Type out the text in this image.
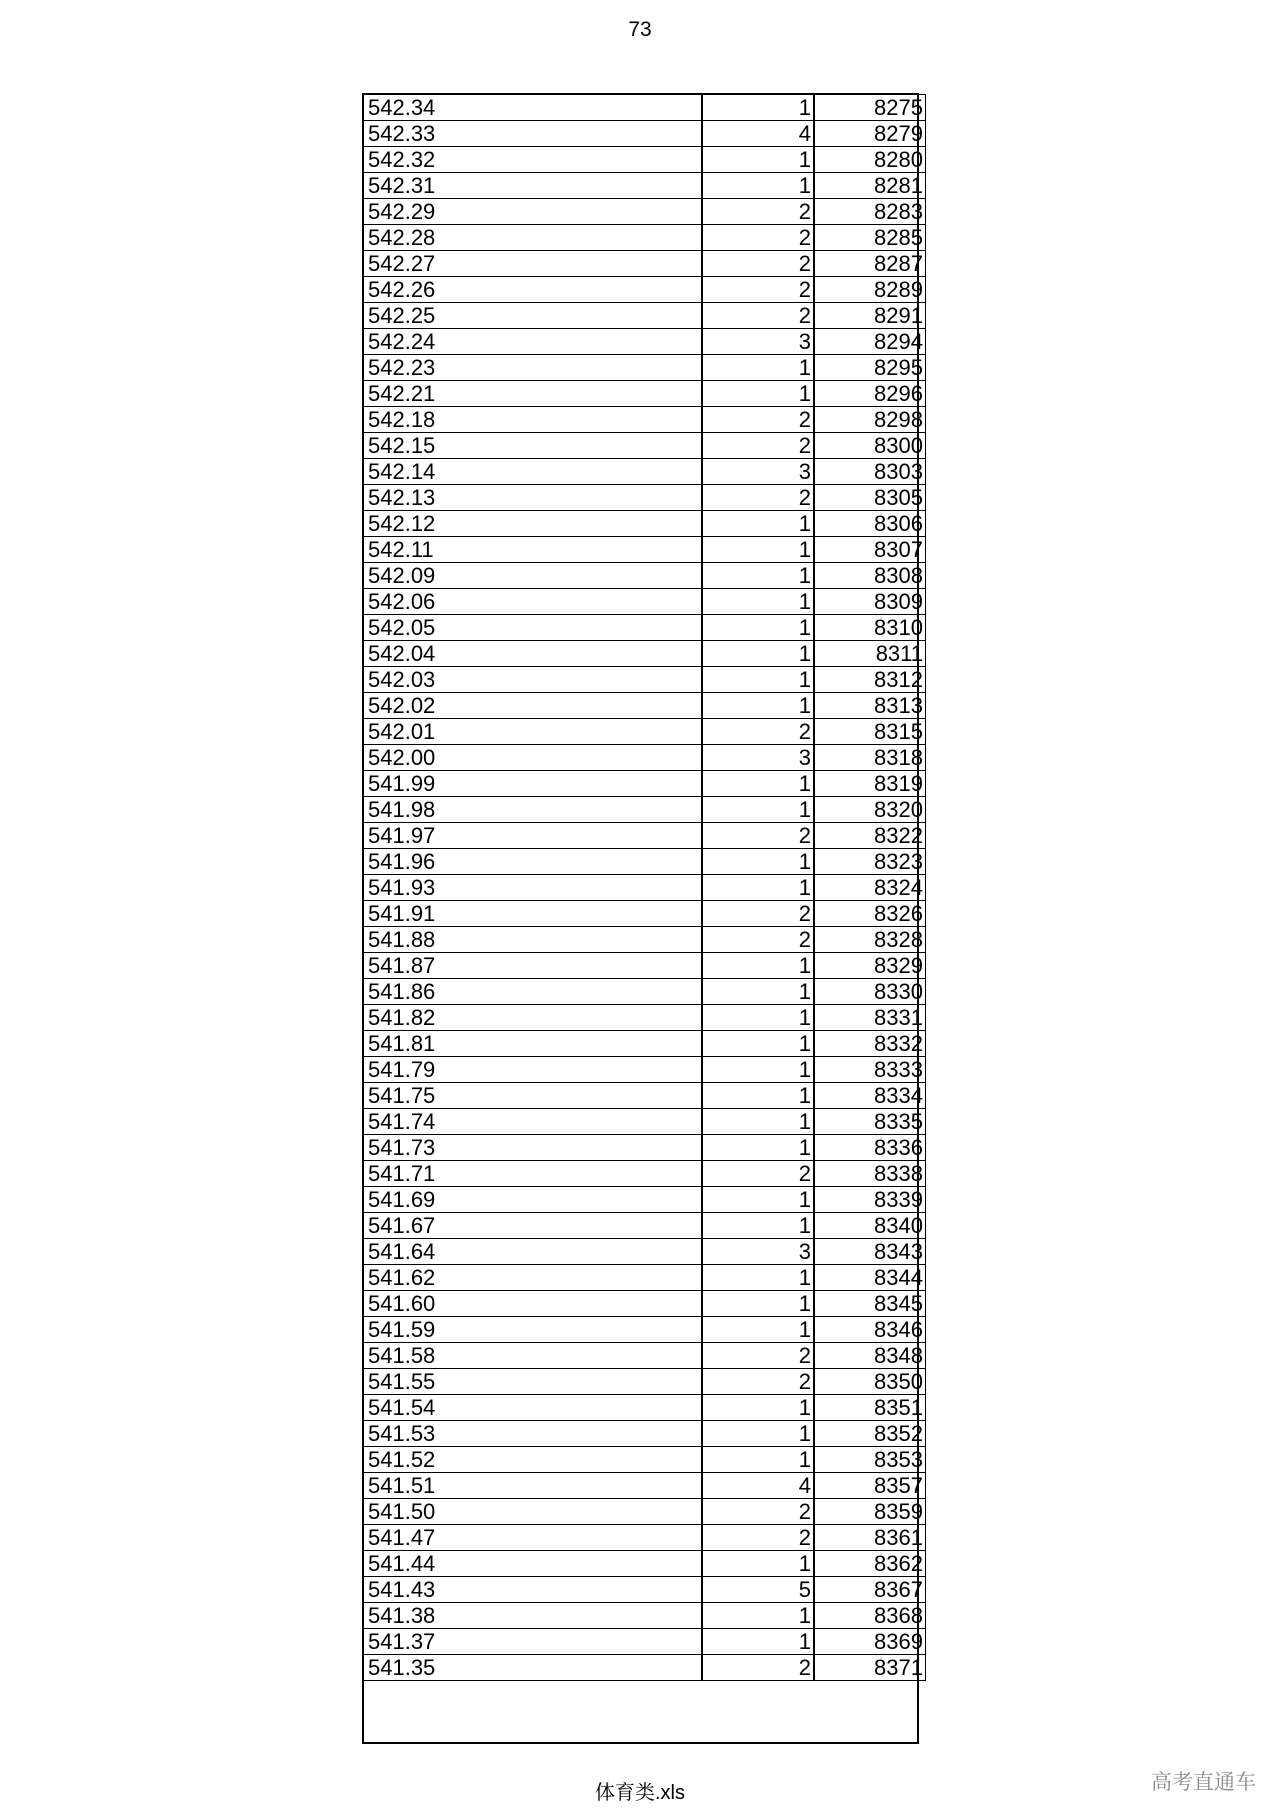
73
542.34	1	8275
542.33	4	8279
542.32	1	8280
542.31	1	8281
542.29	2	8283
542.28	2	8285
542.27	2	8287
542.26	2	8289
542.25	2	8291
542.24	3	8294
542.23	1	8295
542.21	1	8296
542.18	2	8298
542.15	2	8300
542.14	3	8303
542.13	2	8305
542.12	1	8306
542.11	1	8307
542.09	1	8308
542.06	1	8309
542.05	1	8310
542.04	1	8311
542.03	1	8312
542.02	1	8313
542.01	2	8315
542.00	3	8318
541.99	1	8319
541.98	1	8320
541.97	2	8322
541.96	1	8323
541.93	1	8324
541.91	2	8326
541.88	2	8328
541.87	1	8329
541.86	1	8330
541.82	1	8331
541.81	1	8332
541.79	1	8333
541.75	1	8334
541.74	1	8335
541.73	1	8336
541.71	2	8338
541.69	1	8339
541.67	1	8340
541.64	3	8343
541.62	1	8344
541.60	1	8345
541.59	1	8346
541.58	2	8348
541.55	2	8350
541.54	1	8351
541.53	1	8352
541.52	1	8353
541.51	4	8357
541.50	2	8359
541.47	2	8361
541.44	1	8362
541.43	5	8367
541.38	1	8368
541.37	1	8369
541.35	2	8371
体育类.xls	高考直通车
